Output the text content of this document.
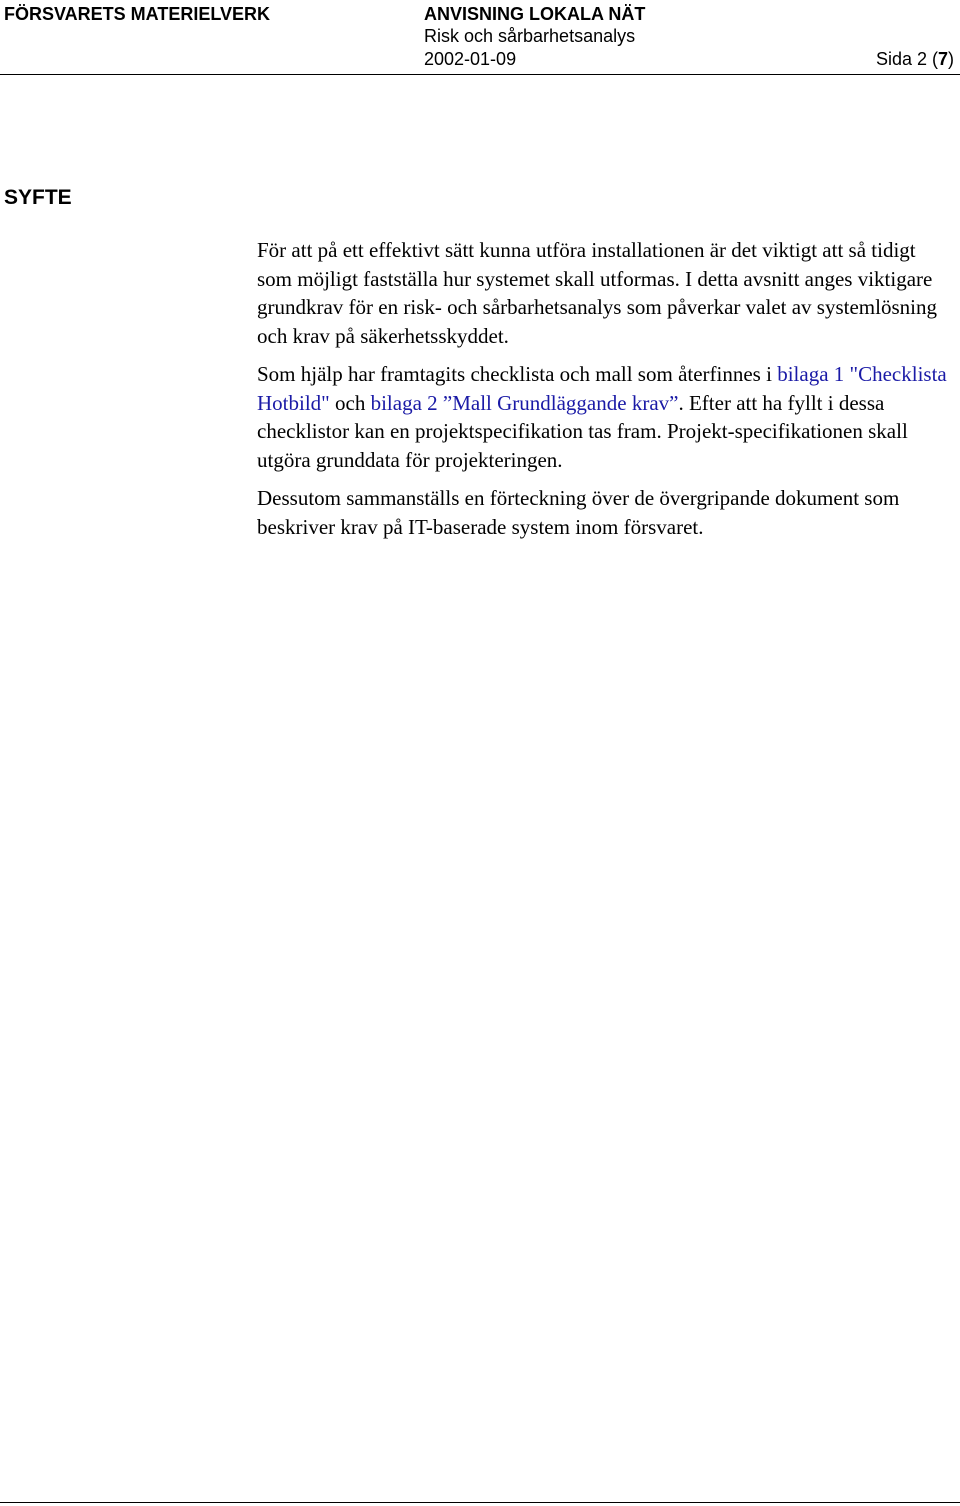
FÖRSVARETS MATERIELVERK	ANVISNING LOKALA NÄT
Risk och sårbarhetsanalys
2002-01-09	Sida 2 (7)
SYFTE

För att på ett effektivt sätt kunna utföra installationen är det viktigt att så tidigt som möjligt fastställa hur systemet skall utformas. I detta avsnitt anges viktigare grundkrav för en risk- och sårbarhetsanalys som påverkar valet av systemlösning och krav på säkerhetsskyddet.

Som hjälp har framtagits checklista och mall som återfinnes i bilaga 1 "Checklista Hotbild" och bilaga 2 ”Mall Grundläggande krav”. Efter att ha fyllt i dessa checklistor kan en projektspecifikation tas fram. Projekt-specifikationen skall utgöra grunddata för projekteringen.

Dessutom sammanställs en förteckning över de övergripande dokument som beskriver krav på IT-baserade system inom försvaret.
